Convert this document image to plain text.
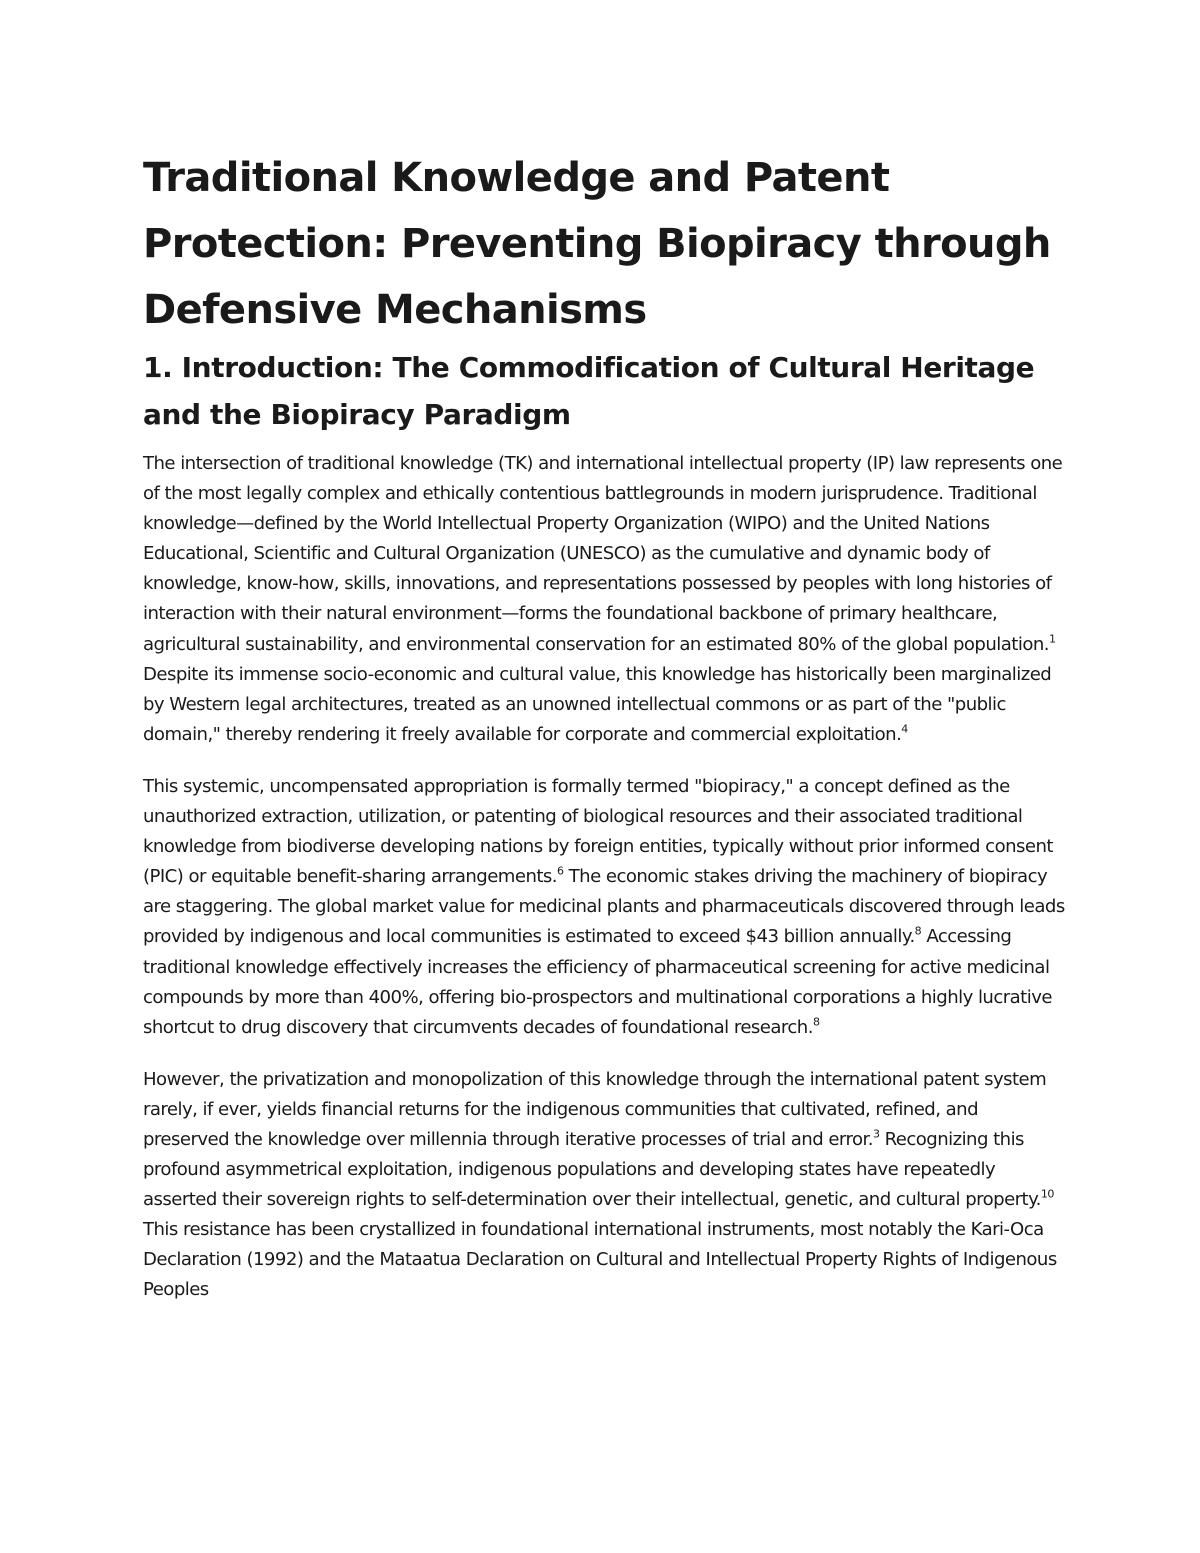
Traditional Knowledge and Patent Protection: Preventing Biopiracy through Defensive Mechanisms
1. Introduction: The Commodification of Cultural Heritage and the Biopiracy Paradigm

The intersection of traditional knowledge (TK) and international intellectual property (IP) law represents one of the most legally complex and ethically contentious battlegrounds in modern jurisprudence. Traditional knowledge—defined by the World Intellectual Property Organization (WIPO) and the United Nations Educational, Scientific and Cultural Organization (UNESCO) as the cumulative and dynamic body of knowledge, know-how, skills, innovations, and representations possessed by peoples with long histories of interaction with their natural environment—forms the foundational backbone of primary healthcare, agricultural sustainability, and environmental conservation for an estimated 80% of the global population.$^1$ Despite its immense socio-economic and cultural value, this knowledge has historically been marginalized by Western legal architectures, treated as an unowned intellectual commons or as part of the "public domain," thereby rendering it freely available for corporate and commercial exploitation.$^4$

This systemic, uncompensated appropriation is formally termed "biopiracy," a concept defined as the unauthorized extraction, utilization, or patenting of biological resources and their associated traditional knowledge from biodiverse developing nations by foreign entities, typically without prior informed consent (PIC) or equitable benefit-sharing arrangements.$^6$ The economic stakes driving the machinery of biopiracy are staggering. The global market value for medicinal plants and pharmaceuticals discovered through leads provided by indigenous and local communities is estimated to exceed $43 billion annually.$^8$ Accessing traditional knowledge effectively increases the efficiency of pharmaceutical screening for active medicinal compounds by more than 400%, offering bio-prospectors and multinational corporations a highly lucrative shortcut to drug discovery that circumvents decades of foundational research.$^8$

However, the privatization and monopolization of this knowledge through the international patent system rarely, if ever, yields financial returns for the indigenous communities that cultivated, refined, and preserved the knowledge over millennia through iterative processes of trial and error.$^3$ Recognizing this profound asymmetrical exploitation, indigenous populations and developing states have repeatedly asserted their sovereign rights to self-determination over their intellectual, genetic, and cultural property.$^{10}$ This resistance has been crystallized in foundational international instruments, most notably the Kari-Oca Declaration (1992) and the Mataatua Declaration on Cultural and Intellectual Property Rights of Indigenous Peoples
